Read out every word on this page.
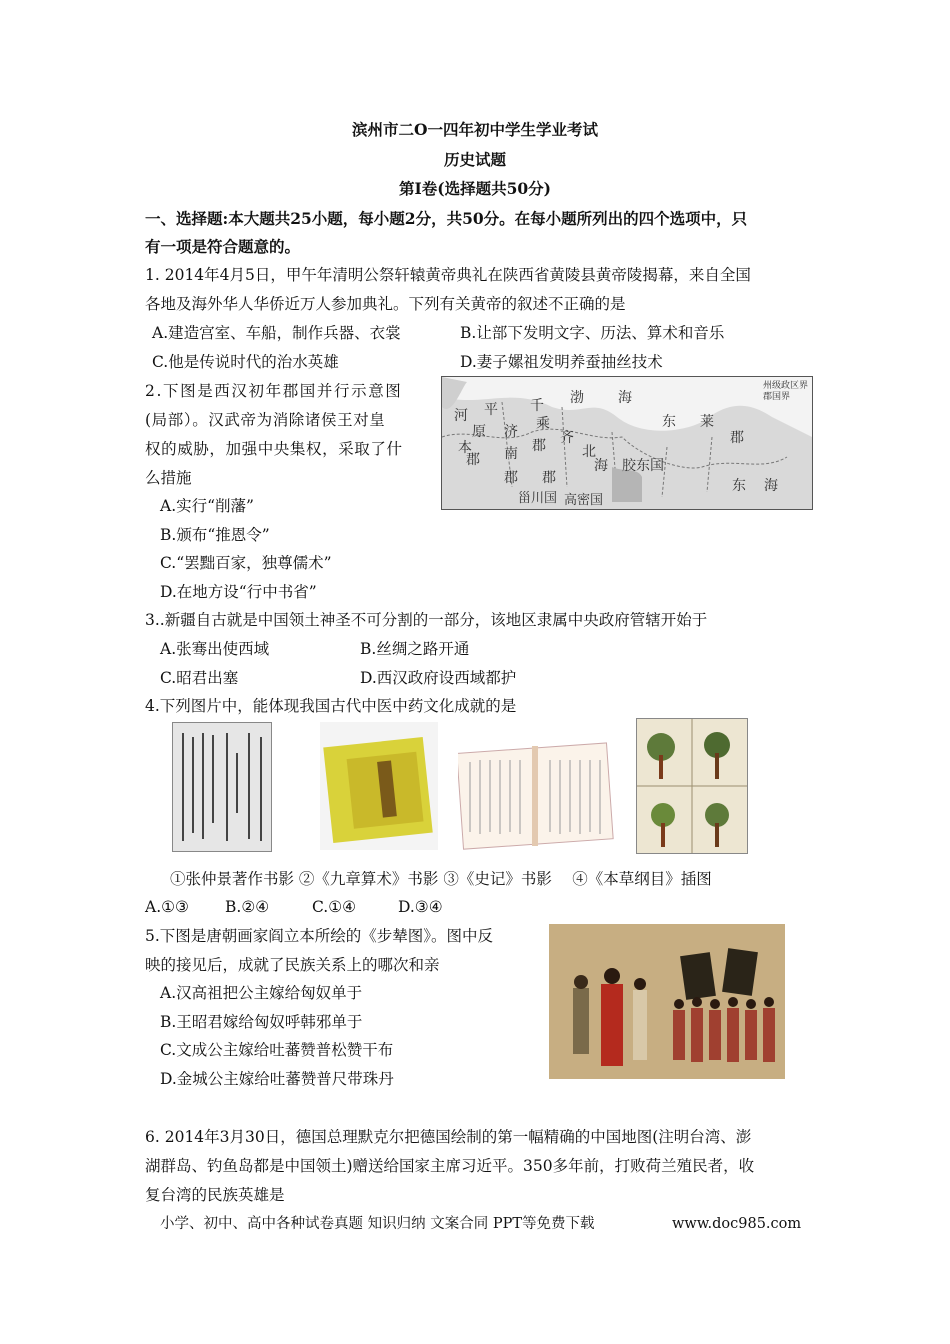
滨州市二O一四年初中学生学业考试
历史试题
第I卷(选择题共50分)
一、选择题:本大题共25小题，每小题2分，共50分。在每小题所列出的四个选项中，只
有一项是符合题意的。
1. 2014年4月5日，甲午年清明公祭轩辕黄帝典礼在陕西省黄陵县黄帝陵揭幕，来自全国
各地及海外华人华侨近万人参加典礼。下列有关黄帝的叙述不正确的是
A.建造宫室、车船，制作兵器、衣裳	B.让部下发明文字、历法、算术和音乐
C.他是传说时代的治水英雄	D.妻子嫘祖发明养蚕抽丝技术
2.下图是西汉初年郡国并行示意图
(局部）。汉武帝为消除诸侯王对皇
权的威胁，加强中央集权，采取了什
么措施
A.实行“削藩”
B.颁布“推恩令”
C.“罢黜百家，独尊儒术”
D.在地方设“行中书省”
州级政区界
郡国界
河
本
平
原
郡
千
乘
郡
济
南
郡
渤 海
齐
郡
北
海 胶东国
东 莱
郡
甾川国 高密国
东 海
3..新疆自古就是中国领土神圣不可分割的一部分，该地区隶属中央政府管辖开始于
A.张骞出使西域	B.丝绸之路开通
C.昭君出塞	D.西汉政府设西域都护
4.下列图片中，能体现我国古代中医中药文化成就的是
①张仲景著作书影 ②《九章算术》书影 ③《史记》书影　 ④《本草纲目》插图
A.①③ B.②④	C.①④	D.③④
5.下图是唐朝画家阎立本所绘的《步辇图》。图中反
映的接见后，成就了民族关系上的哪次和亲
A.汉高祖把公主嫁给匈奴单于
B.王昭君嫁给匈奴呼韩邪单于
C.文成公主嫁给吐蕃赞普松赞干布
D.金城公主嫁给吐蕃赞普尺带珠丹
6. 2014年3月30日，德国总理默克尔把德国绘制的第一幅精确的中国地图(注明台湾、澎
湖群岛、钓鱼岛都是中国领土)赠送给国家主席习近平。350多年前，打败荷兰殖民者，收
复台湾的民族英雄是
小学、初中、高中各种试卷真题 知识归纳 文案合同 PPT等免费下载	www.doc985.com
